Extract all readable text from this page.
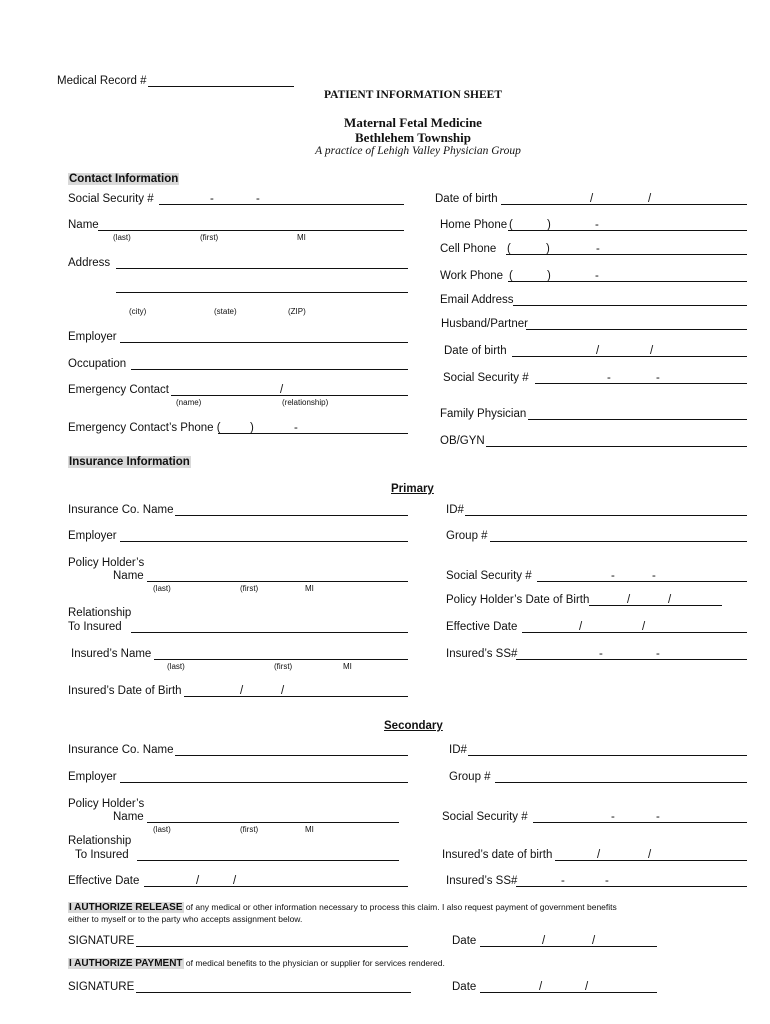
Medical Record #
PATIENT INFORMATION SHEET
Maternal Fetal Medicine
Bethlehem Township
A practice of Lehigh Valley Physician Group
Contact Information
Social Security #	-	-
Name
(last)	(first)	MI
Address
(city)	(state)	(ZIP)
Employer
Occupation
Emergency Contact	/
(name)	(relationship)
Emergency Contact’s Phone (	)	-
Date of birth	/	/
Home Phone (	)	-
Cell Phone (	)	-
Work Phone (	)	-
Email Address
Husband/Partner
Date of birth	/	/
Social Security #	-	-
Family Physician
OB/GYN
Insurance Information
Primary
Insurance Co. Name
Employer
Policy Holder’s
Name
(last)	(first)	MI
Relationship
To Insured
Insured’s Name
(last)	(first)	MI
Insured’s Date of Birth	/	/
ID#
Group #
Social Security #	-	-
Policy Holder’s Date of Birth	/	/
Effective Date	/	/
Insured’s SS#	-	-
Secondary
Insurance Co. Name
Employer
Policy Holder’s
Name
(last)	(first)	MI
Relationship
To Insured
Effective Date	/	/
ID#
Group #
Social Security #	-	-
Insured’s date of birth	/	/
Insured’s SS#	-	-
I AUTHORIZE RELEASE of any medical or other information necessary to process this claim. I also request payment of government benefits
either to myself or to the party who accepts assignment below.
SIGNATURE	Date	/	/
I AUTHORIZE PAYMENT of medical benefits to the physician or supplier for services rendered.
SIGNATURE	Date	/	/
